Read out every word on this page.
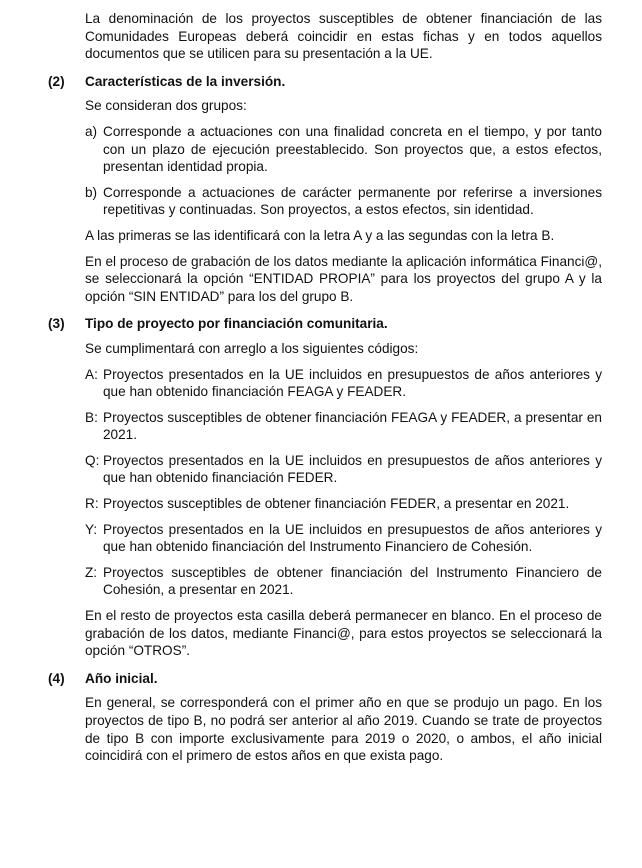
La denominación de los proyectos susceptibles de obtener financiación de las Comunidades Europeas deberá coincidir en estas fichas y en todos aquellos documentos que se utilicen para su presentación a la UE.

(2)	Características de la inversión.

Se consideran dos grupos:

a) Corresponde a actuaciones con una finalidad concreta en el tiempo, y por tanto con un plazo de ejecución preestablecido. Son proyectos que, a estos efectos, presentan identidad propia.
b) Corresponde a actuaciones de carácter permanente por referirse a inversiones repetitivas y continuadas. Son proyectos, a estos efectos, sin identidad.

A las primeras se las identificará con la letra A y a las segundas con la letra B.

En el proceso de grabación de los datos mediante la aplicación informática Financi@, se seleccionará la opción “ENTIDAD PROPIA” para los proyectos del grupo A y la opción “SIN ENTIDAD” para los del grupo B.

(3)	Tipo de proyecto por financiación comunitaria.

Se cumplimentará con arreglo a los siguientes códigos:

A: Proyectos presentados en la UE incluidos en presupuestos de años anteriores y que han obtenido financiación FEAGA y FEADER.
B: Proyectos susceptibles de obtener financiación FEAGA y FEADER, a presentar en 2021.
Q: Proyectos presentados en la UE incluidos en presupuestos de años anteriores y que han obtenido financiación FEDER.
R: Proyectos susceptibles de obtener financiación FEDER, a presentar en 2021.
Y: Proyectos presentados en la UE incluidos en presupuestos de años anteriores y que han obtenido financiación del Instrumento Financiero de Cohesión.
Z: Proyectos susceptibles de obtener financiación del Instrumento Financiero de Cohesión, a presentar en 2021.

En el resto de proyectos esta casilla deberá permanecer en blanco. En el proceso de grabación de los datos, mediante Financi@, para estos proyectos se seleccionará la opción “OTROS”.

(4)	Año inicial.

En general, se corresponderá con el primer año en que se produjo un pago. En los proyectos de tipo B, no podrá ser anterior al año 2019. Cuando se trate de proyectos de tipo B con importe exclusivamente para 2019 o 2020, o ambos, el año inicial coincidirá con el primero de estos años en que exista pago.
